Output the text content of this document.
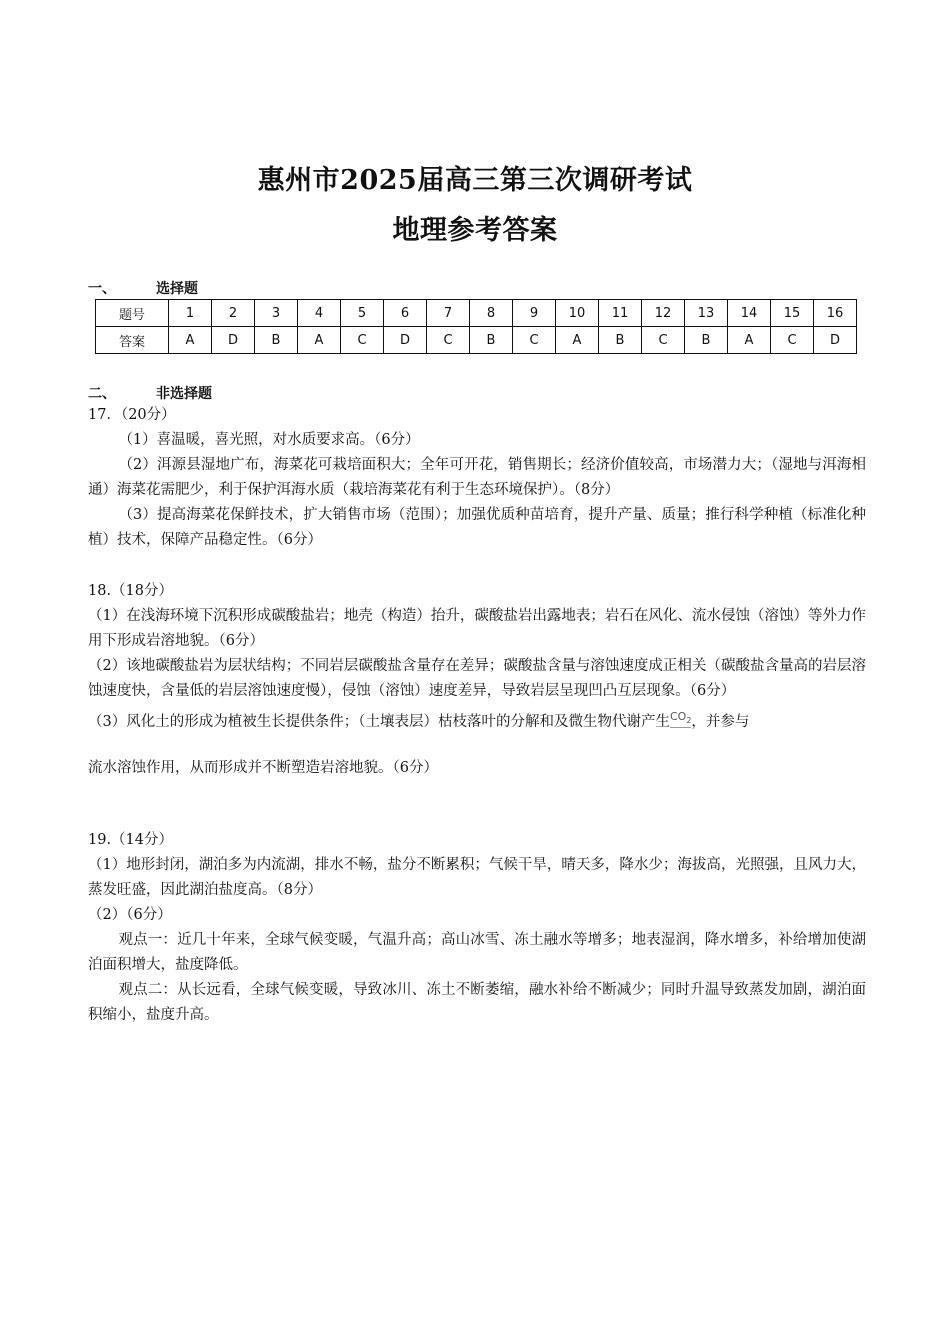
惠州市2025届高三第三次调研考试
地理参考答案
一、	选择题
题号	1	2	3	4	5	6	7	8	9	10	11	12	13	14	15	16
答案	A	D	B	A	C	D	C	B	C	A	B	C	B	A	C	D
二、	非选择题

17．（20分）

（1）喜温暖，喜光照，对水质要求高。（6分）

（2）洱源县湿地广布，海菜花可栽培面积大；全年可开花，销售期长；经济价值较高，市场潜力大；（湿地与洱海相通）海菜花需肥少，利于保护洱海水质（栽培海菜花有利于生态环境保护）。（8分）

（3）提高海菜花保鲜技术，扩大销售市场（范围）；加强优质种苗培育，提升产量、质量；推行科学种植（标准化种植）技术，保障产品稳定性。（6分）

18.（18分）

（1）在浅海环境下沉积形成碳酸盐岩；地壳（构造）抬升，碳酸盐岩出露地表；岩石在风化、流水侵蚀（溶蚀）等外力作用下形成岩溶地貌。（6分）

（2）该地碳酸盐岩为层状结构；不同岩层碳酸盐含量存在差异；碳酸盐含量与溶蚀速度成正相关（碳酸盐含量高的岩层溶蚀速度快，含量低的岩层溶蚀速度慢），侵蚀（溶蚀）速度差异，导致岩层呈现凹凸互层现象。（6分）

（3）风化土的形成为植被生长提供条件；（土壤表层）枯枝落叶的分解和及微生物代谢产生$CO_2$，并参与

流水溶蚀作用，从而形成并不断塑造岩溶地貌。（6分）

19.（14分）

（1）地形封闭，湖泊多为内流湖，排水不畅，盐分不断累积；气候干旱，晴天多，降水少；海拔高，光照强，且风力大，蒸发旺盛，因此湖泊盐度高。（8分）

（2）（6分）

观点一：近几十年来，全球气候变暖，气温升高；高山冰雪、冻土融水等增多；地表湿润，降水增多，补给增加使湖泊面积增大，盐度降低。

观点二：从长远看，全球气候变暖，导致冰川、冻土不断萎缩，融水补给不断减少；同时升温导致蒸发加剧，湖泊面积缩小，盐度升高。
